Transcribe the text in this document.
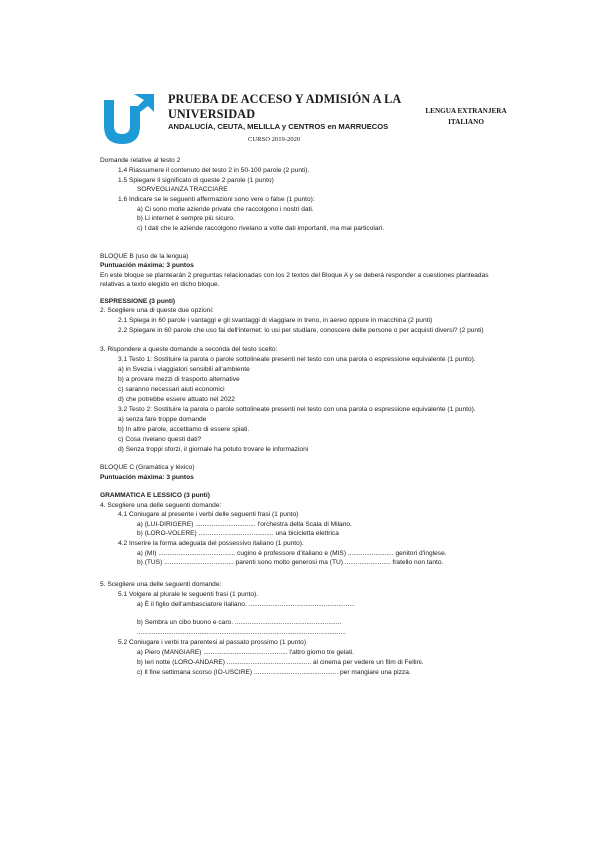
PRUEBA DE ACCESO Y ADMISIÓN A LA
UNIVERSIDAD
ANDALUCÍA, CEUTA, MELILLA y CENTROS en MARRUECOS
CURSO 2019-2020
LENGUA EXTRANJERA
ITALIANO
Domande relative al testo 2
1.4 Riassumere il contenuto del testo 2 in 50-100 parole (2 punti).
1.5 Spiegare il significato di queste 2 parole (1 punto)
SORVEGLIANZA TRACCIARE
1.6 Indicare se le seguenti affermazioni sono vere o false (1 punto):
a) Ci sono molte aziende private che raccolgono i nostri dati.
b) Li internet è sempre più sicuro.
c) I dati che le aziende raccolgono rivelano a volte dati importanti, ma mai particolari.
BLOQUE B (uso de la lengua)
Puntuación máxima: 3 puntos
En este bloque se plantearán 2 preguntas relacionadas con los 2 textos del Bloque A y se deberá responder a cuestiones planteadas
relativas a texto elegido en dicho bloque.
ESPRESSIONE (3 punti)
2. Scegliere una di queste due opzioni:
2.1 Spiega in 60 parole i vantaggi e gli svantaggi di viaggiare in treno, in aereo oppure in macchina (2 punti)
2.2 Spiegare in 60 parole che uso fai dell'internet: lo usi per studiare, conoscere delle persone o per acquisti diversi? (2 punti)
3. Rispondere a queste domande a seconda del testo scelto:
3.1 Testo 1: Sostituire la parola o parole sottolineate presenti nel testo con una parola o espressione equivalente (1 punto).
a) in Svezia i viaggiatori sensibili all'ambiente
b) a provare mezzi di trasporto alternative
c) saranno necessari aiuti economici
d) che potrebbe essere attuato nel 2022
3.2 Testo 2: Sostituire la parola o parole sottolineate presenti nel testo con una parola o espressione equivalente (1 punto).
a) senza fare troppe domande
b) In altre parole, accettiamo di essere spiati.
c) Cosa rivelano questi dati?
d) Senza troppi sforzi, il giornale ha potuto trovare le informazioni
BLOQUE C (Gramática y léxico)
Puntuación máxima: 3 puntos
GRAMMATICA E LESSICO (3 punti)
4. Scegliere una delle seguenti domande:
4.1 Coniugare al presente i verbi delle seguenti frasi (1 punto)
a) (LUI-DIRIGERE) ................................. l'orchestra della Scala di Milano.
b) (LORO-VOLERE) ......................................... una bicicletta elettrica
4.2 Inserire la forma adeguata del possessivo italiano (1 punto).
a) (MI) .......................................... cugino è professore d'italiano e (MIS) ......................... genitori d'inglese.
b) (TUS) ...................................... parenti sono molto generosi ma (TU) ......................... fratello non tanto.
5. Scegliere una delle seguenti domande:
5.1 Volgere al plurale le seguenti frasi (1 punto).
a) È il figlio dell'ambasciatore italiano. ..........................................................
b) Sembra un cibo buono e caro. ..........................................................
..................................................................................................................
5.2 Coniugare i verbi tra parentesi al passato prossimo (1 punto)
a) Piero (MANGIARE) .............................................. l'altro giorno tre gelati.
b) Ieri notte (LORO-ANDARE) .............................................. al cinema per vedere un film di Fellini.
c) Il fine settimana scorso (IO-USCIRE) .............................................. per mangiare una pizza.
